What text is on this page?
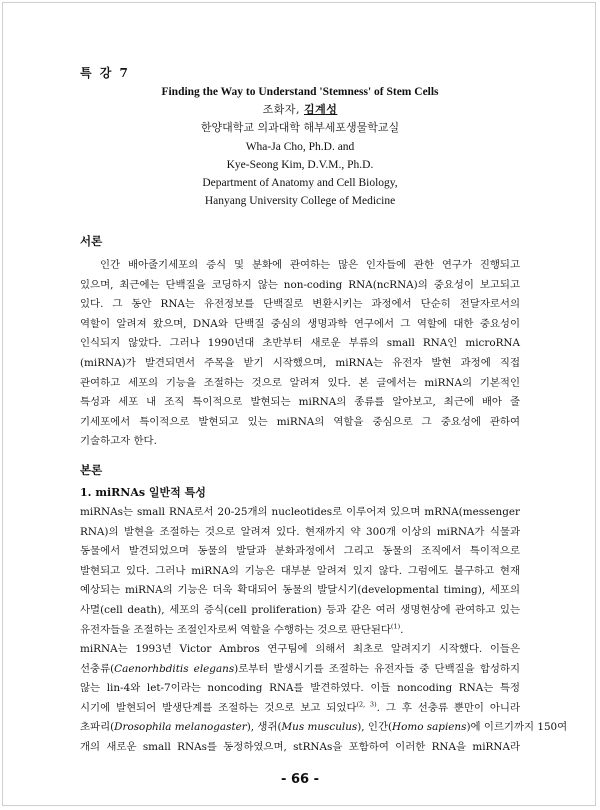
특 강 7
Finding the Way to Understand 'Stemness' of Stem Cells
조화자, 김계성
한양대학교 의과대학 해부세포생물학교실
Wha-Ja Cho, Ph.D. and
Kye-Seong Kim, D.V.M., Ph.D.
Department of Anatomy and Cell Biology,
Hanyang University College of Medicine
서론
인간 배아줄기세포의 증식 및 분화에 관여하는 많은 인자들에 관한 연구가 진행되고
있으며, 최근에는 단백질을 코딩하지 않는 non-coding RNA(ncRNA)의 중요성이 보고되고
있다. 그 동안 RNA는 유전정보를 단백질로 변환시키는 과정에서 단순히 전달자로서의
역할이 알려져 왔으며, DNA와 단백질 중심의 생명과학 연구에서 그 역할에 대한 중요성이
인식되지 않았다. 그러나 1990년대 초반부터 새로운 부류의 small RNA인 microRNA
(miRNA)가 발견되면서 주목을 받기 시작했으며, miRNA는 유전자 발현 과정에 직접
관여하고 세포의 기능을 조절하는 것으로 알려져 있다. 본 글에서는 miRNA의 기본적인
특성과 세포 내 조직 특이적으로 발현되는 miRNA의 종류를 알아보고, 최근에 배아 줄
기세포에서 특이적으로 발현되고 있는 miRNA의 역할을 중심으로 그 중요성에 관하여
기술하고자 한다.
본론
1. miRNAs 일반적 특성
miRNAs는 small RNA로서 20-25개의 nucleotides로 이루어져 있으며 mRNA(messenger
RNA)의 발현을 조절하는 것으로 알려져 있다. 현재까지 약 300개 이상의 miRNA가 식물과
동물에서 발견되었으며 동물의 발달과 분화과정에서 그리고 동물의 조직에서 특이적으로
발현되고 있다. 그러나 miRNA의 기능은 대부분 알려져 있지 않다. 그럼에도 불구하고 현재
예상되는 miRNA의 기능은 더욱 확대되어 동물의 발달시기(developmental timing), 세포의
사멸(cell death), 세포의 증식(cell proliferation) 등과 같은 여러 생명현상에 관여하고 있는
유전자들을 조절하는 조절인자로써 역할을 수행하는 것으로 판단된다$^{(1)}$.
miRNA는 1993년 Victor Ambros 연구팀에 의해서 최초로 알려지기 시작했다. 이들은
선충류(Caenorhbditis elegans)로부터 발생시기를 조절하는 유전자들 중 단백질을 합성하지
않는 lin-4와 let-7이라는 noncoding RNA를 발견하였다. 이들 noncoding RNA는 특정
시기에 발현되어 발생단계를 조절하는 것으로 보고 되었다$^{(2, 3)}$. 그 후 선충류 뿐만이 아니라
초파리(Drosophila melanogaster), 생쥐(Mus musculus), 인간(Homo sapiens)에 이르기까지 150여
개의 새로운 small RNAs를 동정하였으며, stRNAs을 포함하여 이러한 RNA을 miRNA라
- 66 -
